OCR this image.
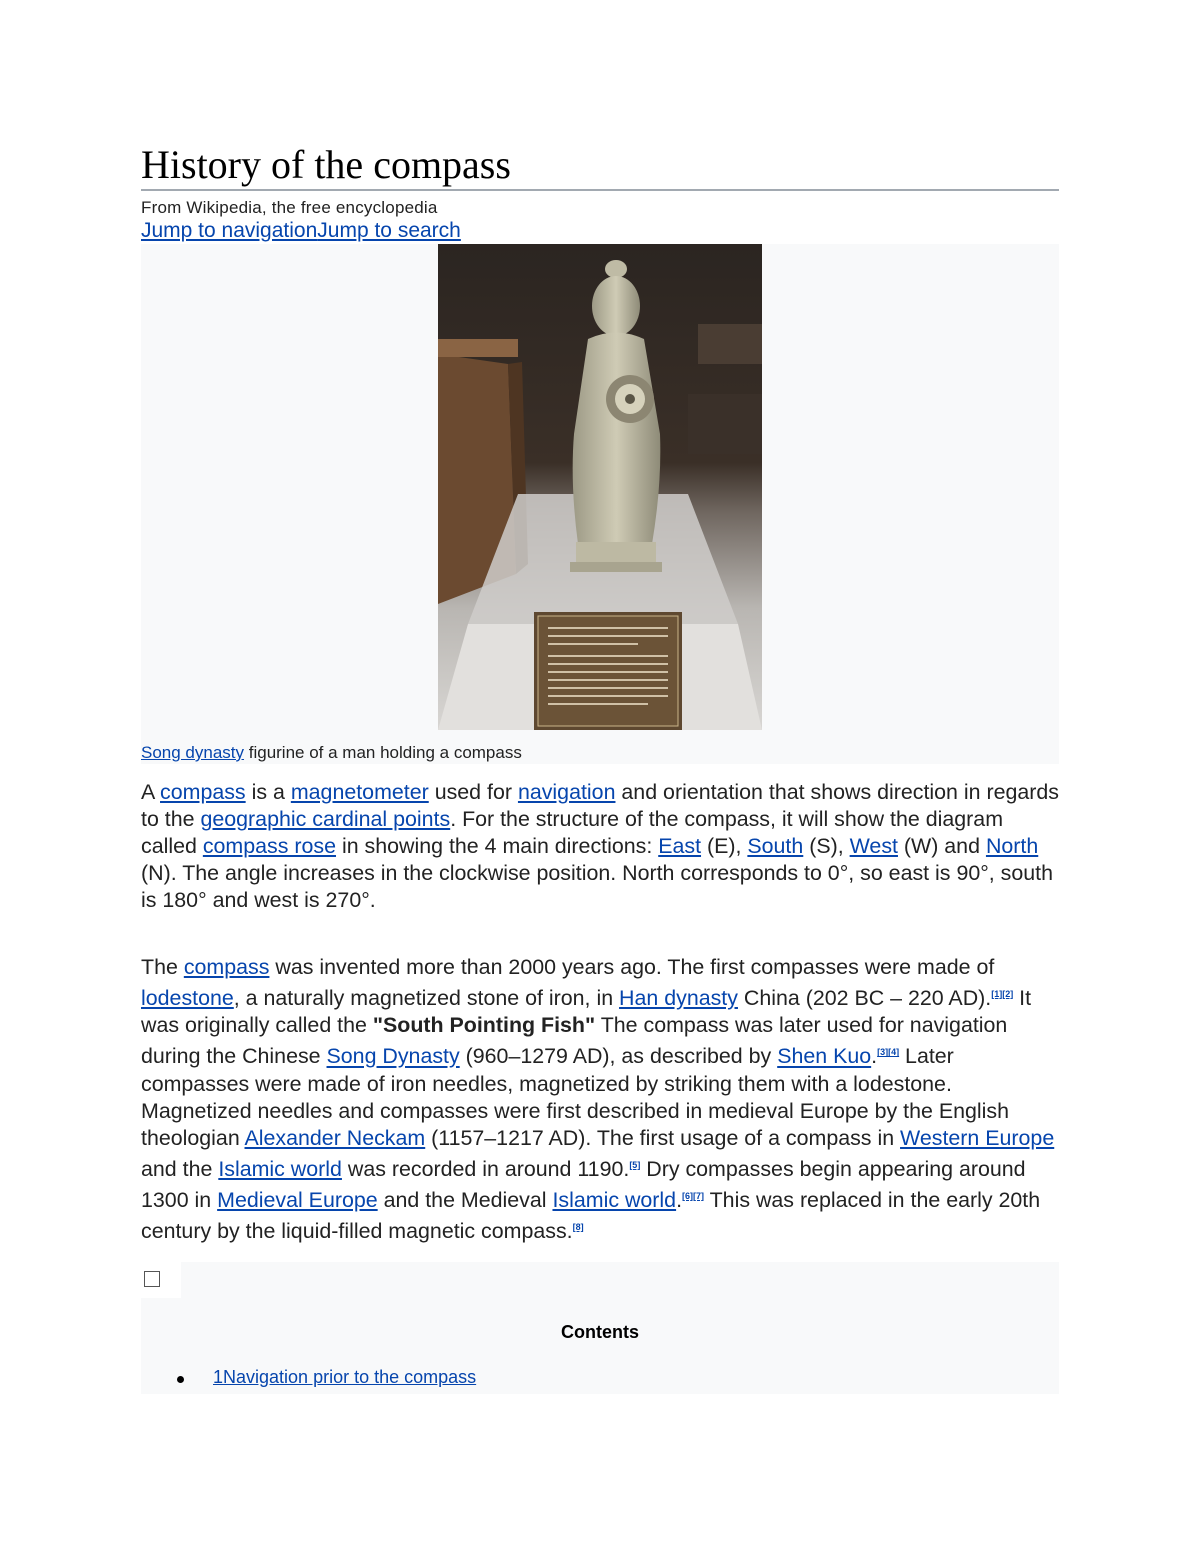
History of the compass
From Wikipedia, the free encyclopedia
Jump to navigationJump to search
Song dynasty figurine of a man holding a compass

A compass is a magnetometer used for navigation and orientation that shows direction in regards to the geographic cardinal points. For the structure of the compass, it will show the diagram called compass rose in showing the 4 main directions: East (E), South (S), West (W) and North (N). The angle increases in the clockwise position. North corresponds to 0°, so east is 90°, south is 180° and west is 270°.

The compass was invented more than 2000 years ago. The first compasses were made of lodestone, a naturally magnetized stone of iron, in Han dynasty China (202 BC – 220 AD).[1][2] It was originally called the "South Pointing Fish" The compass was later used for navigation during the Chinese Song Dynasty (960–1279 AD), as described by Shen Kuo.[3][4] Later compasses were made of iron needles, magnetized by striking them with a lodestone. Magnetized needles and compasses were first described in medieval Europe by the English theologian Alexander Neckam (1157–1217 AD). The first usage of a compass in Western Europe and the Islamic world was recorded in around 1190.[5] Dry compasses begin appearing around 1300 in Medieval Europe and the Medieval Islamic world.[6][7] This was replaced in the early 20th century by the liquid-filled magnetic compass.[8]

Contents
1Navigation prior to the compass
